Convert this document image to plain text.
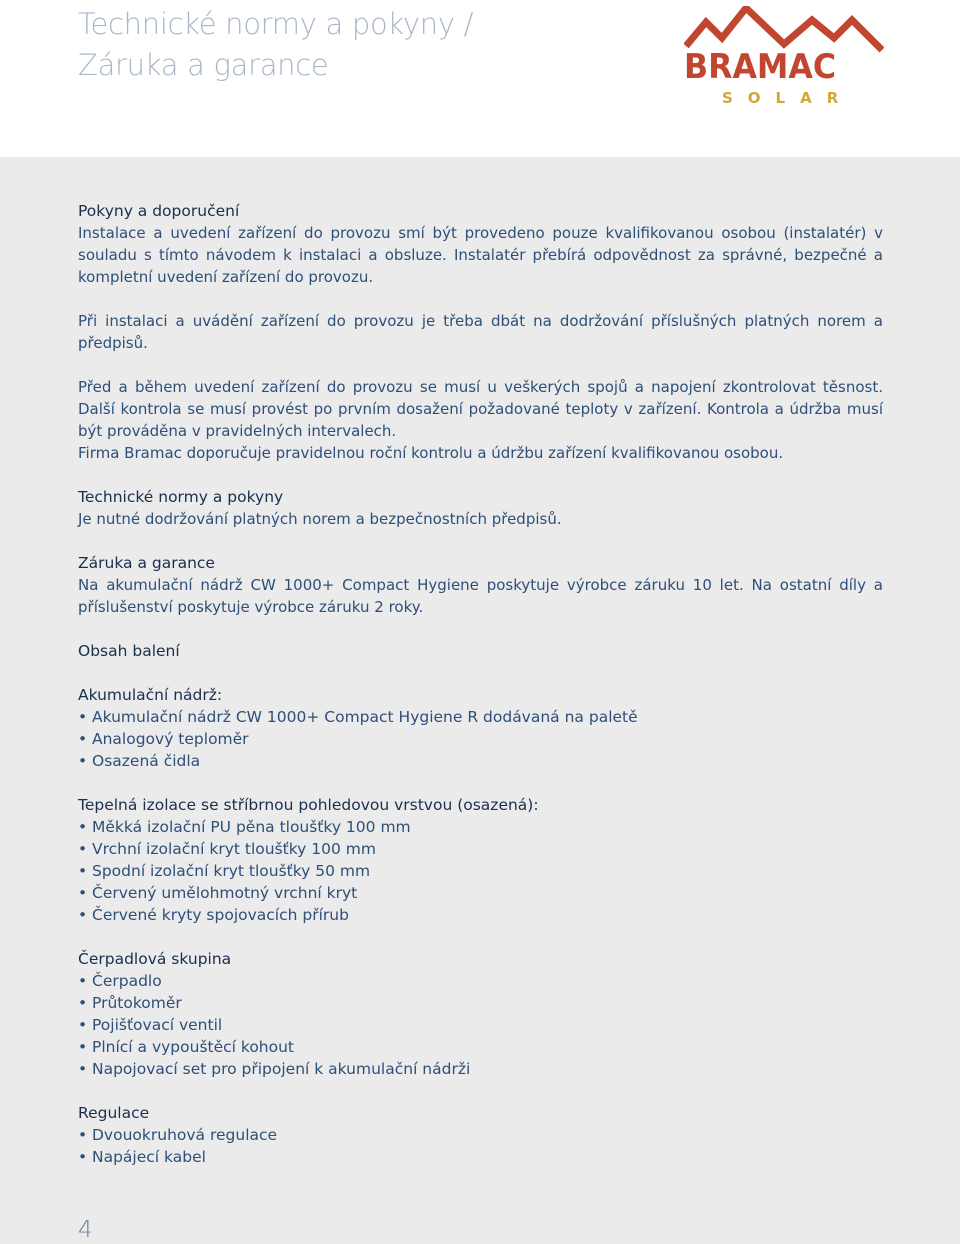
Technické normy a pokyny /
Záruka a garance	BRAMAC
SOLAR
Pokyny a doporučení
Instalace a uvedení zařízení do provozu smí být provedeno pouze kvalifikovanou osobou (instalatér) v souladu s tímto návodem k instalaci a obsluze. Instalatér přebírá odpovědnost za správné, bezpečné a kompletní uvedení zařízení do provozu.
Při instalaci a uvádění zařízení do provozu je třeba dbát na dodržování příslušných platných norem a předpisů.
Před a během uvedení zařízení do provozu se musí u veškerých spojů a napojení zkontrolovat těsnost. Další kontrola se musí provést po prvním dosažení požadované teploty v zařízení. Kontrola a údržba musí být prováděna v pravidelných intervalech.
Firma Bramac doporučuje pravidelnou roční kontrolu a údržbu zařízení kvalifikovanou osobou.
Technické normy a pokyny
Je nutné dodržování platných norem a bezpečnostních předpisů.
Záruka a garance
Na akumulační nádrž CW 1000+ Compact Hygiene poskytuje výrobce záruku 10 let. Na ostatní díly a příslušenství poskytuje výrobce záruku 2 roky.
Obsah balení
Akumulační nádrž:
• Akumulační nádrž CW 1000+ Compact Hygiene R dodávaná na paletě
• Analogový teploměr
• Osazená čidla
Tepelná izolace se stříbrnou pohledovou vrstvou (osazená):
• Měkká izolační PU pěna tloušťky 100 mm
• Vrchní izolační kryt tloušťky 100 mm
• Spodní izolační kryt tloušťky 50 mm
• Červený umělohmotný vrchní kryt
• Červené kryty spojovacích přírub
Čerpadlová skupina
• Čerpadlo
• Průtokoměr
• Pojišťovací ventil
• Plnící a vypouštěcí kohout
• Napojovací set pro připojení k akumulační nádrži
Regulace
• Dvouokruhová regulace
• Napájecí kabel
4
